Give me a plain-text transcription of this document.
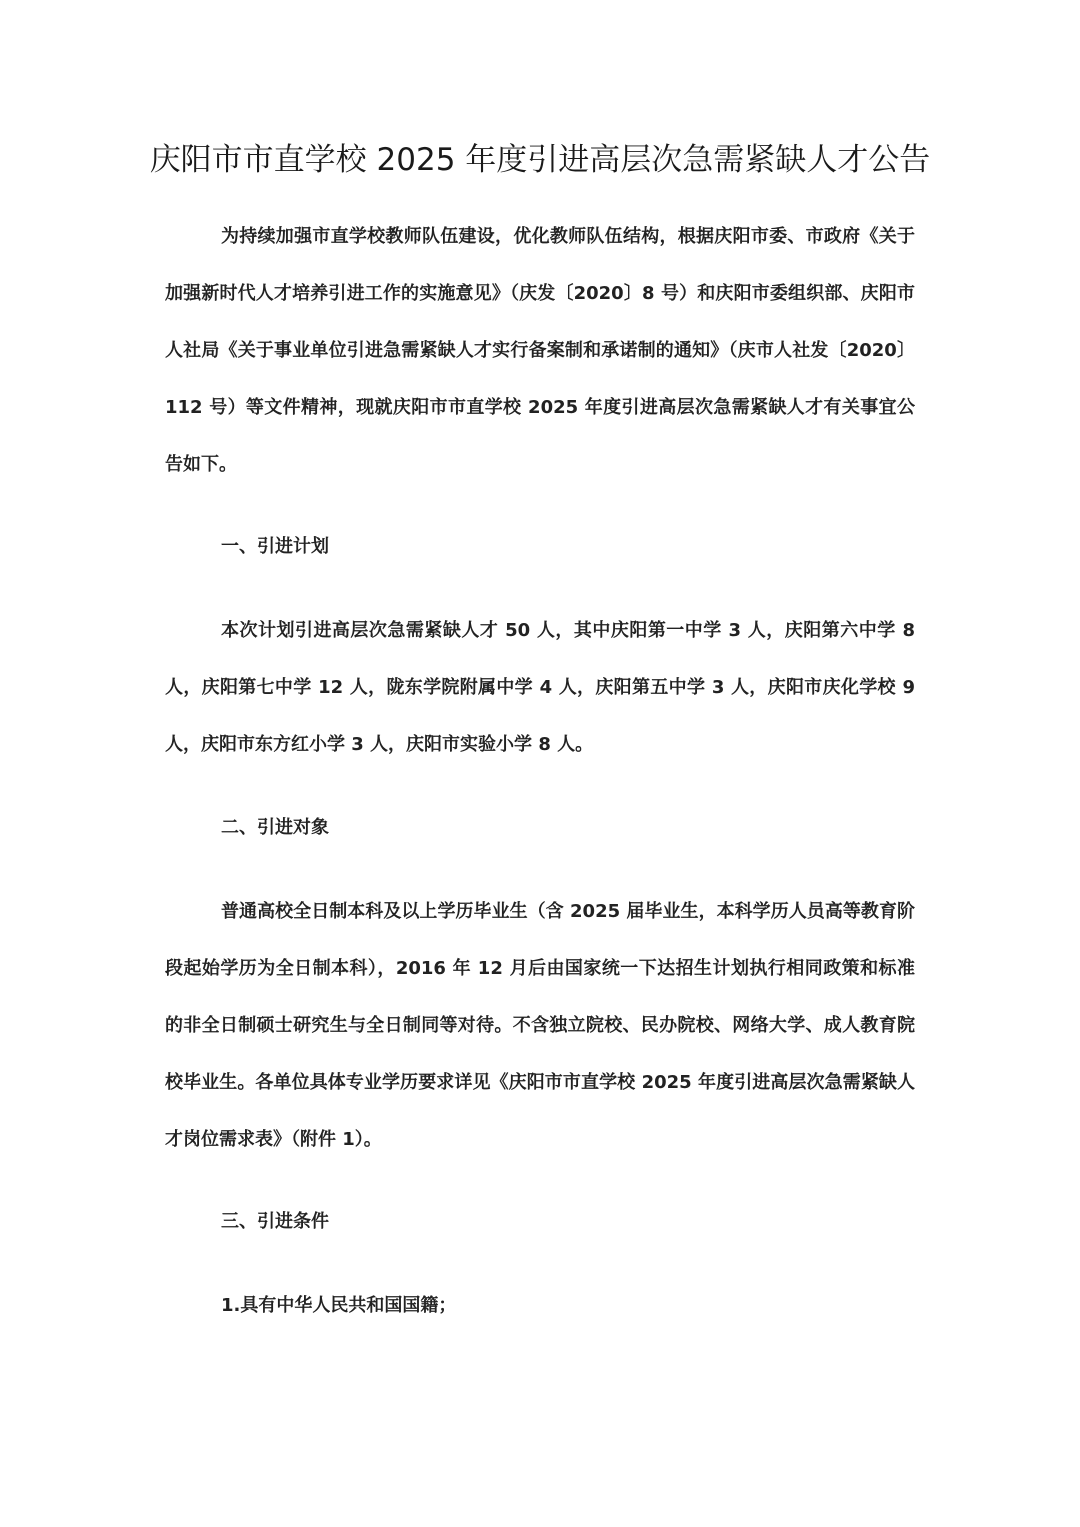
庆阳市市直学校 2025 年度引进高层次急需紧缺人才公告
为持续加强市直学校教师队伍建设，优化教师队伍结构，根据庆阳市委、市政府《关于加强新时代人才培养引进工作的实施意见》（庆发〔2020〕8 号）和庆阳市委组织部、庆阳市人社局《关于事业单位引进急需紧缺人才实行备案制和承诺制的通知》（庆市人社发〔2020〕112 号）等文件精神，现就庆阳市市直学校 2025 年度引进高层次急需紧缺人才有关事宜公告如下。
一、引进计划
本次计划引进高层次急需紧缺人才 50 人，其中庆阳第一中学 3 人，庆阳第六中学 8 人，庆阳第七中学 12 人，陇东学院附属中学 4 人，庆阳第五中学 3 人，庆阳市庆化学校 9 人，庆阳市东方红小学 3 人，庆阳市实验小学 8 人。
二、引进对象
普通高校全日制本科及以上学历毕业生（含 2025 届毕业生，本科学历人员高等教育阶段起始学历为全日制本科），2016 年 12 月后由国家统一下达招生计划执行相同政策和标准的非全日制硕士研究生与全日制同等对待。不含独立院校、民办院校、网络大学、成人教育院校毕业生。各单位具体专业学历要求详见《庆阳市市直学校 2025 年度引进高层次急需紧缺人才岗位需求表》（附件 1）。
三、引进条件
1.具有中华人民共和国国籍；
